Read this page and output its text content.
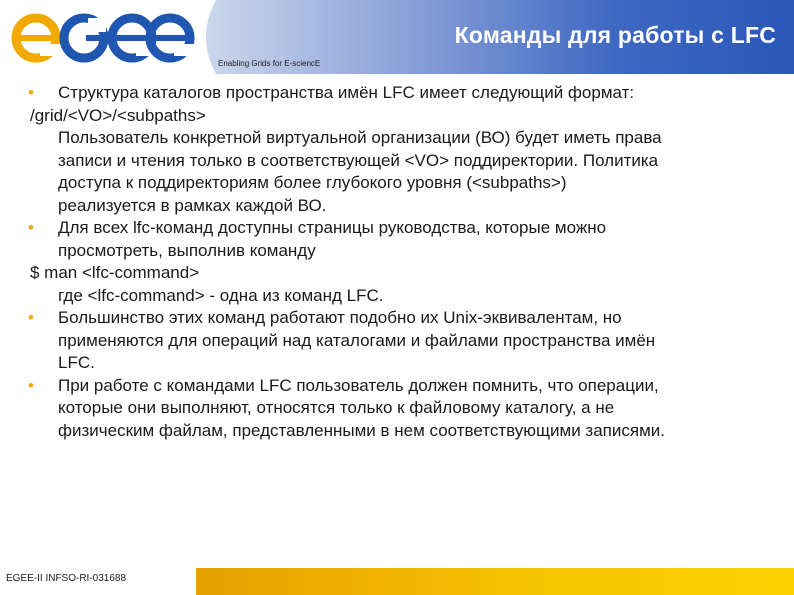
Команды для работы с LFC
Enabling Grids for E-sciencE
•	Структура каталогов пространства имён LFC имеет следующий формат:
/grid/<VO>/<subpaths>
Пользователь конкретной виртуальной организации (ВО) будет иметь права
записи и чтения только в соответствующей <VO> поддиректории. Политика
доступа к поддиректориям более глубокого уровня (<subpaths>)
реализуется в рамках каждой ВО.
• Для всех lfc-команд доступны страницы руководства, которые можно
просмотреть, выполнив команду
$ man <lfc-command>
где <lfc-command> - одна из команд LFC.
• Большинство этих команд работают подобно их Unix-эквивалентам, но
применяются для операций над каталогами и файлами пространства имён
LFC.
• При работе с командами LFC пользователь должен помнить, что операции,
которые они выполняют, относятся только к файловому каталогу, а не
физическим файлам, представленными в нем соответствующими записями.
EGEE-II INFSO-RI-031688
